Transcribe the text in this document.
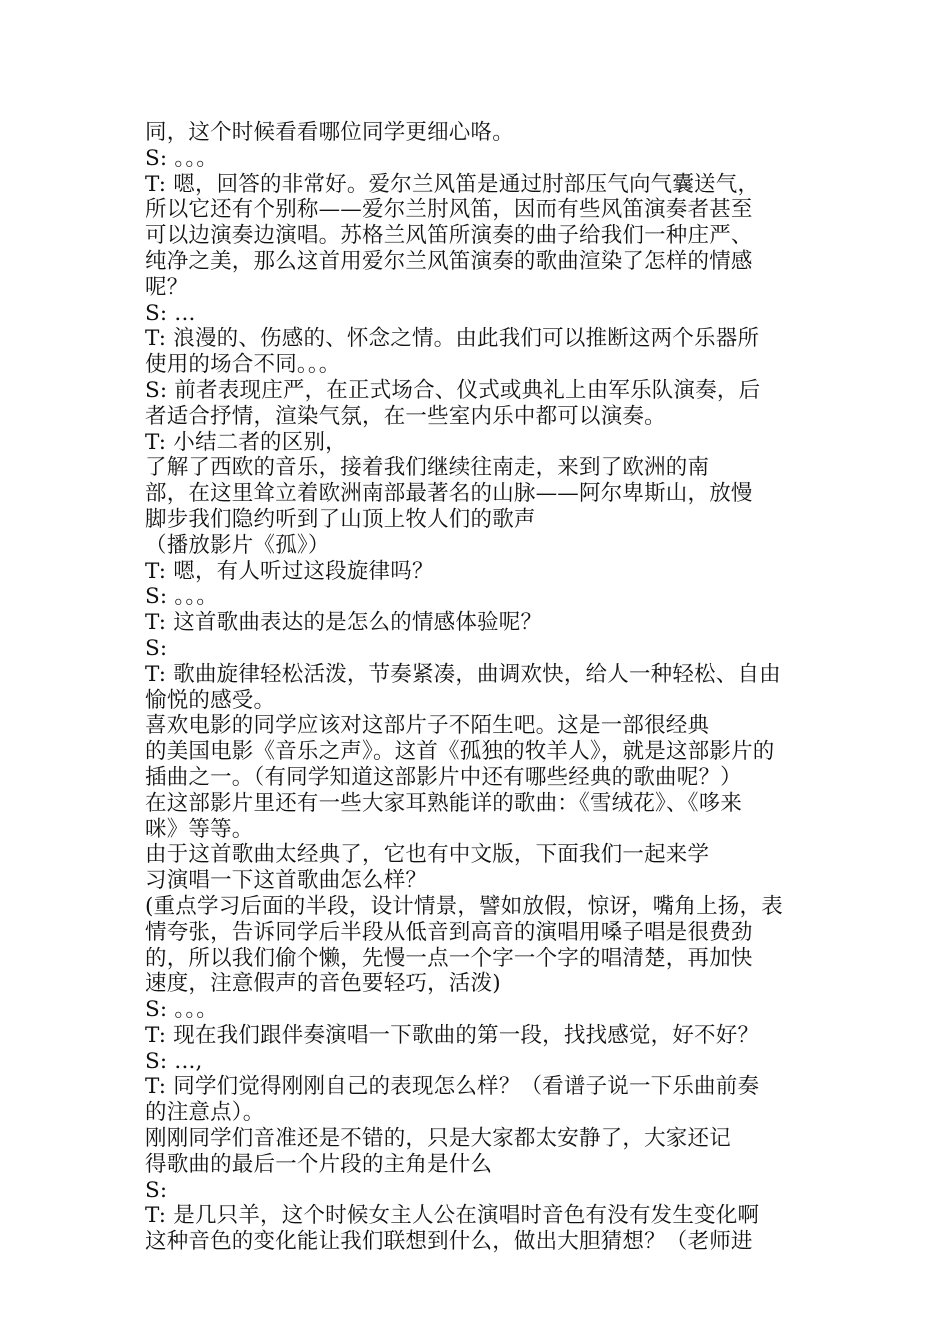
同，这个时候看看哪位同学更细心咯。
S: 。。。
T: 嗯，回答的非常好。爱尔兰风笛是通过肘部压气向气囊送气，
所以它还有个别称——爱尔兰肘风笛，因而有些风笛演奏者甚至
可以边演奏边演唱。苏格兰风笛所演奏的曲子给我们一种庄严、
纯净之美，那么这首用爱尔兰风笛演奏的歌曲渲染了怎样的情感
呢？
S: ...
T: 浪漫的、伤感的、怀念之情。由此我们可以推断这两个乐器所
使用的场合不同。。。
S: 前者表现庄严，在正式场合、仪式或典礼上由军乐队演奏，后
者适合抒情，渲染气氛，在一些室内乐中都可以演奏。
T: 小结二者的区别，
了解了西欧的音乐，接着我们继续往南走，来到了欧洲的南
部，在这里耸立着欧洲南部最著名的山脉——阿尔卑斯山，放慢
脚步我们隐约听到了山顶上牧人们的歌声
（播放影片《孤》）
T: 嗯，有人听过这段旋律吗？
S: 。。。
T: 这首歌曲表达的是怎么的情感体验呢？
S:
T: 歌曲旋律轻松活泼，节奏紧凑，曲调欢快，给人一种轻松、自由
愉悦的感受。
喜欢电影的同学应该对这部片子不陌生吧。这是一部很经典
的美国电影《音乐之声》。这首《孤独的牧羊人》，就是这部影片的
插曲之一。（有同学知道这部影片中还有哪些经典的歌曲呢？）
在这部影片里还有一些大家耳熟能详的歌曲：《雪绒花》、《哆来
咪》等等。
由于这首歌曲太经典了，它也有中文版，下面我们一起来学
习演唱一下这首歌曲怎么样？
(重点学习后面的半段，设计情景，譬如放假，惊讶，嘴角上扬，表
情夸张，告诉同学后半段从低音到高音的演唱用嗓子唱是很费劲
的，所以我们偷个懒，先慢一点一个字一个字的唱清楚，再加快
速度，注意假声的音色要轻巧，活泼)
S: 。。。
T: 现在我们跟伴奏演唱一下歌曲的第一段，找找感觉，好不好？
S: ...,
T: 同学们觉得刚刚自己的表现怎么样？（看谱子说一下乐曲前奏
的注意点）。
刚刚同学们音准还是不错的，只是大家都太安静了，大家还记
得歌曲的最后一个片段的主角是什么
S:
T: 是几只羊，这个时候女主人公在演唱时音色有没有发生变化啊
这种音色的变化能让我们联想到什么，做出大胆猜想？（老师进
